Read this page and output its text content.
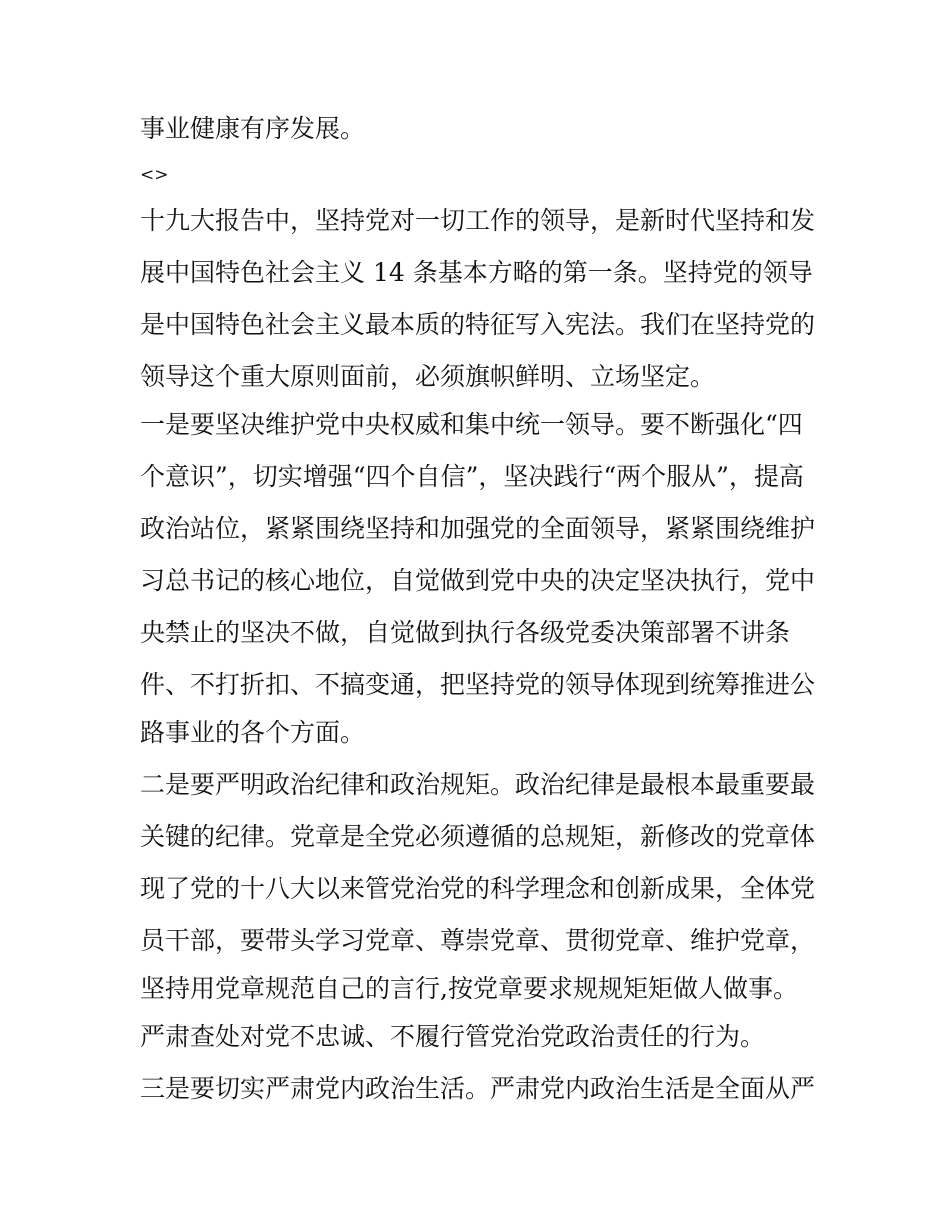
事业健康有序发展。
<>
十九大报告中，坚持党对一切工作的领导，是新时代坚持和发
展中国特色社会主义 14 条基本方略的第一条。坚持党的领导
是中国特色社会主义最本质的特征写入宪法。我们在坚持党的
领导这个重大原则面前，必须旗帜鲜明、立场坚定。
一是要坚决维护党中央权威和集中统一领导。要不断强化“四
个意识”，切实增强“四个自信”，坚决践行“两个服从”，提高
政治站位，紧紧围绕坚持和加强党的全面领导，紧紧围绕维护
习总书记的核心地位，自觉做到党中央的决定坚决执行，党中
央禁止的坚决不做，自觉做到执行各级党委决策部署不讲条
件、不打折扣、不搞变通，把坚持党的领导体现到统筹推进公
路事业的各个方面。
二是要严明政治纪律和政治规矩。政治纪律是最根本最重要最
关键的纪律。党章是全党必须遵循的总规矩，新修改的党章体
现了党的十八大以来管党治党的科学理念和创新成果，全体党
员干部，要带头学习党章、尊崇党章、贯彻党章、维护党章，
坚持用党章规范自己的言行,按党章要求规规矩矩做人做事。
严肃查处对党不忠诚、不履行管党治党政治责任的行为。
三是要切实严肃党内政治生活。严肃党内政治生活是全面从严
